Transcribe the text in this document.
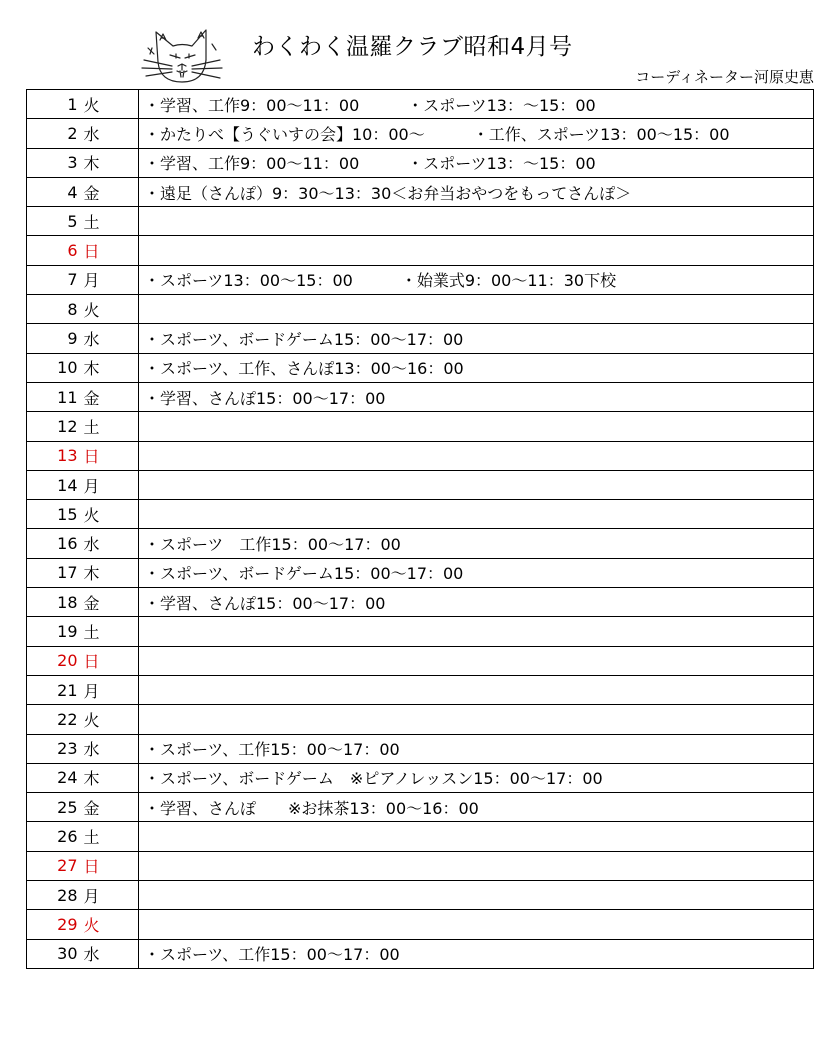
わくわく温羅クラブ昭和4月号
コーディネーター河原史恵
1	火	・学習、工作9：00～11：00 ・スポーツ13：～15：00
2	水	・かたりべ【うぐいすの会】10：00～ ・工作、スポーツ13：00～15：00
3	木	・学習、工作9：00～11：00 ・スポーツ13：～15：00
4	金	・遠足（さんぽ）9：30～13：30＜お弁当おやつをもってさんぽ＞
5	土	
6	日	
7	月	・スポーツ13：00～15：00 ・始業式9：00～11：30下校
8	火	
9	水	・スポーツ、ボードゲーム15：00～17：00
10	木	・スポーツ、工作、さんぽ13：00～16：00
11	金	・学習、さんぽ15：00～17：00
12	土	
13	日	
14	月	
15	火	
16	水	・スポーツ　工作15：00～17：00
17	木	・スポーツ、ボードゲーム15：00～17：00
18	金	・学習、さんぽ15：00～17：00
19	土	
20	日	
21	月	
22	火	
23	水	・スポーツ、工作15：00～17：00
24	木	・スポーツ、ボードゲーム　※ピアノレッスン15：00～17：00
25	金	・学習、さんぽ　　※お抹茶13：00～16：00
26	土	
27	日	
28	月	
29	火	
30	水	・スポーツ、工作15：00～17：00
